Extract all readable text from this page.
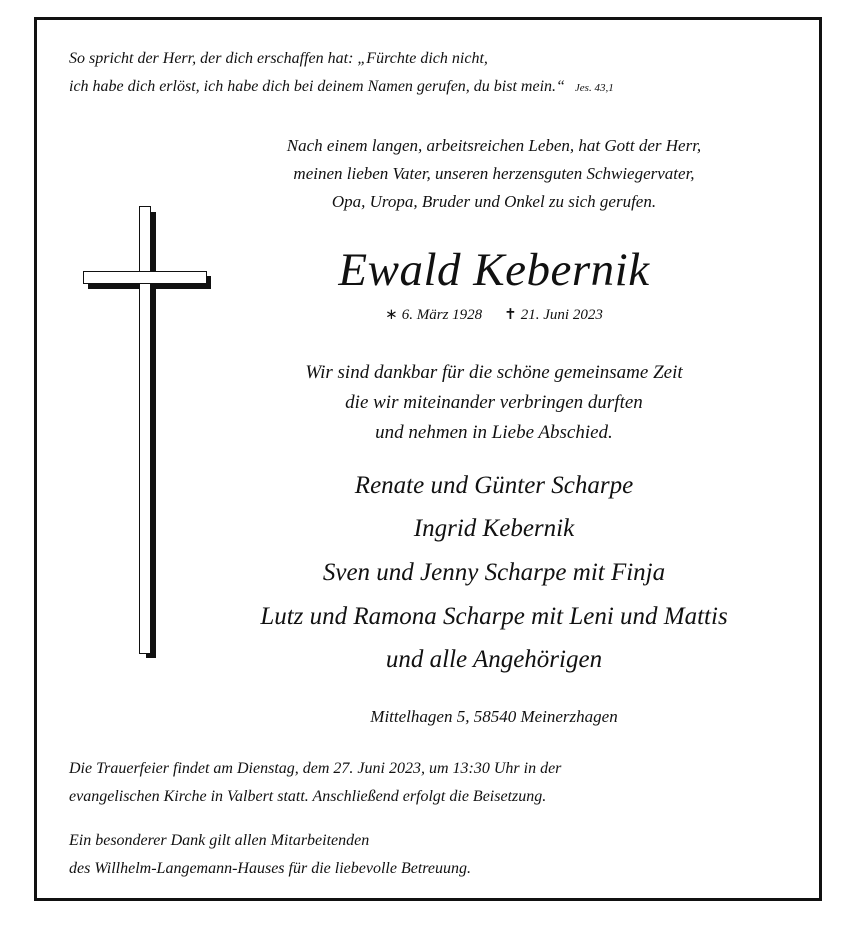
So spricht der Herr, der dich erschaffen hat: „Fürchte dich nicht,

ich habe dich erlöst, ich habe dich bei deinem Namen gerufen, du bist mein.“ Jes. 43,1

Nach einem langen, arbeitsreichen Leben, hat Gott der Herr,

meinen lieben Vater, unseren herzensguten Schwiegervater,

Opa, Uropa, Bruder und Onkel zu sich gerufen.

Ewald Kebernik

∗ 6. März 1928 ✝ 21. Juni 2023

Wir sind dankbar für die schöne gemeinsame Zeit

die wir miteinander verbringen durften

und nehmen in Liebe Abschied.

Renate und Günter Scharpe

Ingrid Kebernik

Sven und Jenny Scharpe mit Finja

Lutz und Ramona Scharpe mit Leni und Mattis

und alle Angehörigen

Mittelhagen 5, 58540 Meinerzhagen

Die Trauerfeier findet am Dienstag, dem 27. Juni 2023, um 13:30 Uhr in der

evangelischen Kirche in Valbert statt. Anschließend erfolgt die Beisetzung.

Ein besonderer Dank gilt allen Mitarbeitenden

des Willhelm-Langemann-Hauses für die liebevolle Betreuung.
